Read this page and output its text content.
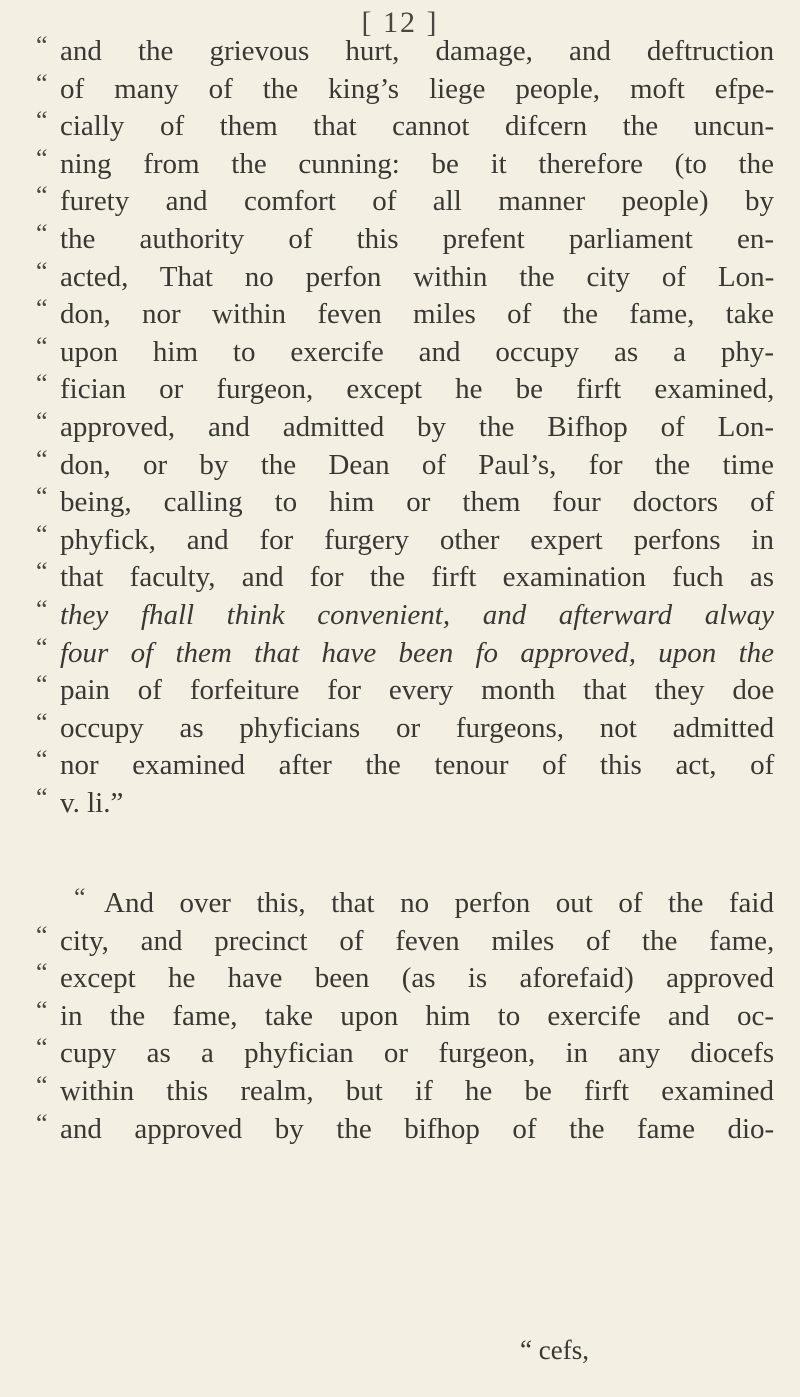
[ 12 ]
“ and the grievous hurt, damage, and deftruction
“ of many of the king’s liege people, moft efpe-
“ cially of them that cannot difcern the uncun-
“ ning from the cunning: be it therefore (to the
“ furety and comfort of all manner people) by
“ the authority of this prefent parliament en-
“ acted, That no perfon within the city of Lon-
“ don, nor within feven miles of the fame, take
“ upon him to exercife and occupy as a phy-
“ fician or furgeon, except he be firft examined,
“ approved, and admitted by the Bifhop of Lon-
“ don, or by the Dean of Paul’s, for the time
“ being, calling to him or them four doctors of
“ phyfick, and for furgery other expert perfons in
“ that faculty, and for the firft examination fuch as
“ they fhall think convenient, and afterward alway
“ four of them that have been fo approved, upon the
“ pain of forfeiture for every month that they doe
“ occupy as phyficians or furgeons, not admitted
“ nor examined after the tenour of this act, of
“ v. li.”
“ And over this, that no perfon out of the faid
“ city, and precinct of feven miles of the fame,
“ except he have been (as is aforefaid) approved
“ in the fame, take upon him to exercife and oc-
“ cupy as a phyfician or furgeon, in any diocefs
“ within this realm, but if he be firft examined
“ and approved by the bifhop of the fame dio-
“ cefs,
